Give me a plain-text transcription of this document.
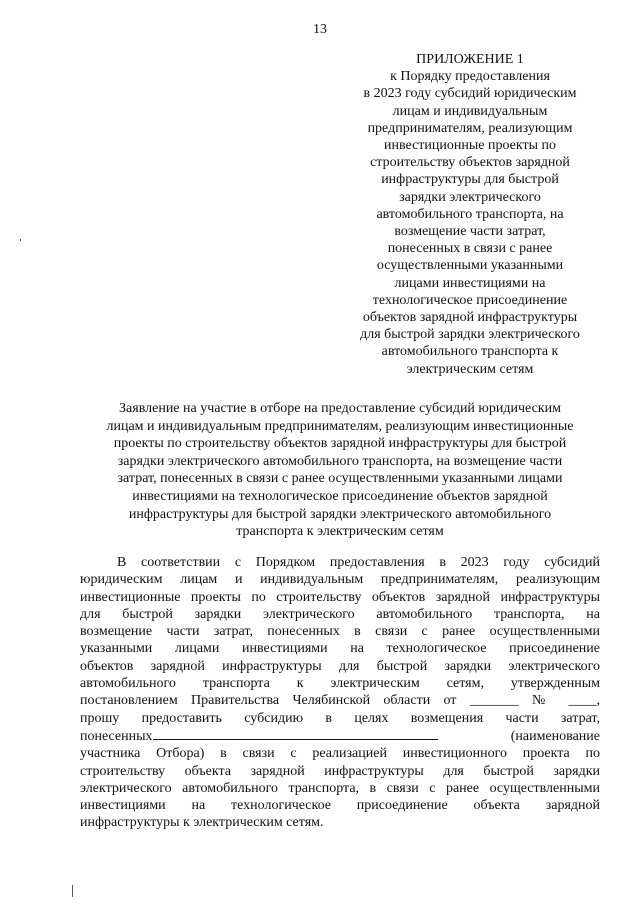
13
ПРИЛОЖЕНИЕ 1
к Порядку предоставления
в 2023 году субсидий юридическим
лицам и индивидуальным
предпринимателям, реализующим
инвестиционные проекты по
строительству объектов зарядной
инфраструктуры для быстрой
зарядки электрического
автомобильного транспорта, на
возмещение части затрат,
понесенных в связи с ранее
осуществленными указанными
лицами инвестициями на
технологическое присоединение
объектов зарядной инфраструктуры
для быстрой зарядки электрического
автомобильного транспорта к
электрическим сетям
Заявление на участие в отборе на предоставление субсидий юридическим
лицам и индивидуальным предпринимателям, реализующим инвестиционные
проекты по строительству объектов зарядной инфраструктуры для быстрой
зарядки электрического автомобильного транспорта, на возмещение части
затрат, понесенных в связи с ранее осуществленными указанными лицами
инвестициями на технологическое присоединение объектов зарядной
инфраструктуры для быстрой зарядки электрического автомобильного
транспорта к электрическим сетям
В соответствии с Порядком предоставления в 2023 году субсидий
юридическим лицам и индивидуальным предпринимателям, реализующим
инвестиционные проекты по строительству объектов зарядной инфраструктуры
для быстрой зарядки электрического автомобильного транспорта, на
возмещение части затрат, понесенных в связи с ранее осуществленными
указанными лицами инвестициями на технологическое присоединение
объектов зарядной инфраструктуры для быстрой зарядки электрического
автомобильного транспорта к электрическим сетям, утвержденным
постановлением Правительства Челябинской области от _______ № ____,
прошу предоставить субсидию в целях возмещения части затрат,
понесенных	(наименование
участника Отбора) в связи с реализацией инвестиционного проекта по
строительству объекта зарядной инфраструктуры для быстрой зарядки
электрического автомобильного транспорта, в связи с ранее осуществленными
инвестициями на технологическое присоединение объекта зарядной
инфраструктуры к электрическим сетям.
